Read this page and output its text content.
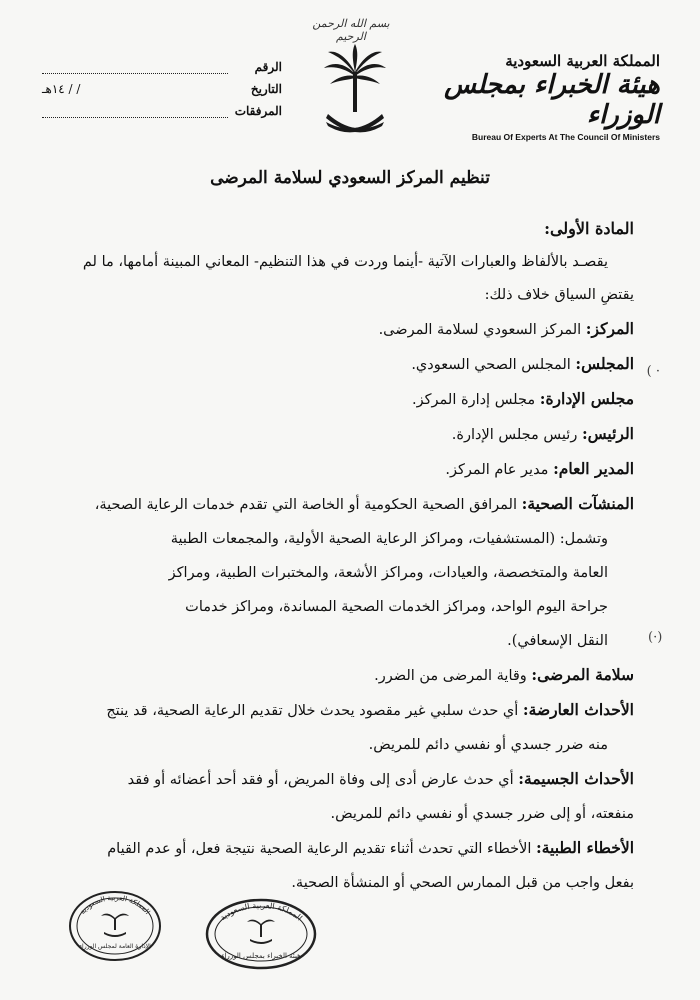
بسم الله الرحمن الرحيم
الرقم
التاريخ
/ / ١٤هـ
المرفقات
المملكة العربية السعودية
هيئة الخبراء بمجلس الوزراء
Bureau Of Experts At The Council Of Ministers
تنظيم المركز السعودي لسلامة المرضى
المادة الأولى:
يقصـد بالألفاظ والعبارات الآتية -أينما وردت في هذا التنظيم- المعاني المبينة أمامها، ما لم
يقتضِ السياق خلاف ذلك:
المركز: المركز السعودي لسلامة المرضى.
المجلس: المجلس الصحي السعودي.
مجلس الإدارة: مجلس إدارة المركز.
الرئيس: رئيس مجلس الإدارة.
المدير العام: مدير عام المركز.
المنشآت الصحية: المرافق الصحية الحكومية أو الخاصة التي تقدم خدمات الرعاية الصحية،
وتشمل: (المستشفيات، ومراكز الرعاية الصحية الأولية، والمجمعات الطبية
العامة والمتخصصة، والعيادات، ومراكز الأشعة، والمختبرات الطبية، ومراكز
جراحة اليوم الواحد، ومراكز الخدمات الصحية المساندة، ومراكز خدمات
النقل الإسعافي).
سلامة المرضى: وقاية المرضى من الضرر.
الأحداث العارضة: أي حدث سلبي غير مقصود يحدث خلال تقديم الرعاية الصحية، قد ينتج
منه ضرر جسدي أو نفسي دائم للمريض.
الأحداث الجسيمة: أي حدث عارض أدى إلى وفاة المريض، أو فقد أحد أعضائه أو فقد
منفعته، أو إلى ضرر جسدي أو نفسي دائم للمريض.
الأخطاء الطبية: الأخطاء التي تحدث أثناء تقديم الرعاية الصحية نتيجة فعل، أو عدم القيام
بفعل واجب من قبل الممارس الصحي أو المنشأة الصحية.
( ·
(·)
المملكة العربية السعودية
الإدارة العامة لمجلس الوزراء
المملكة العربية السعودية
هيئة الخبراء بمجلس الوزراء
